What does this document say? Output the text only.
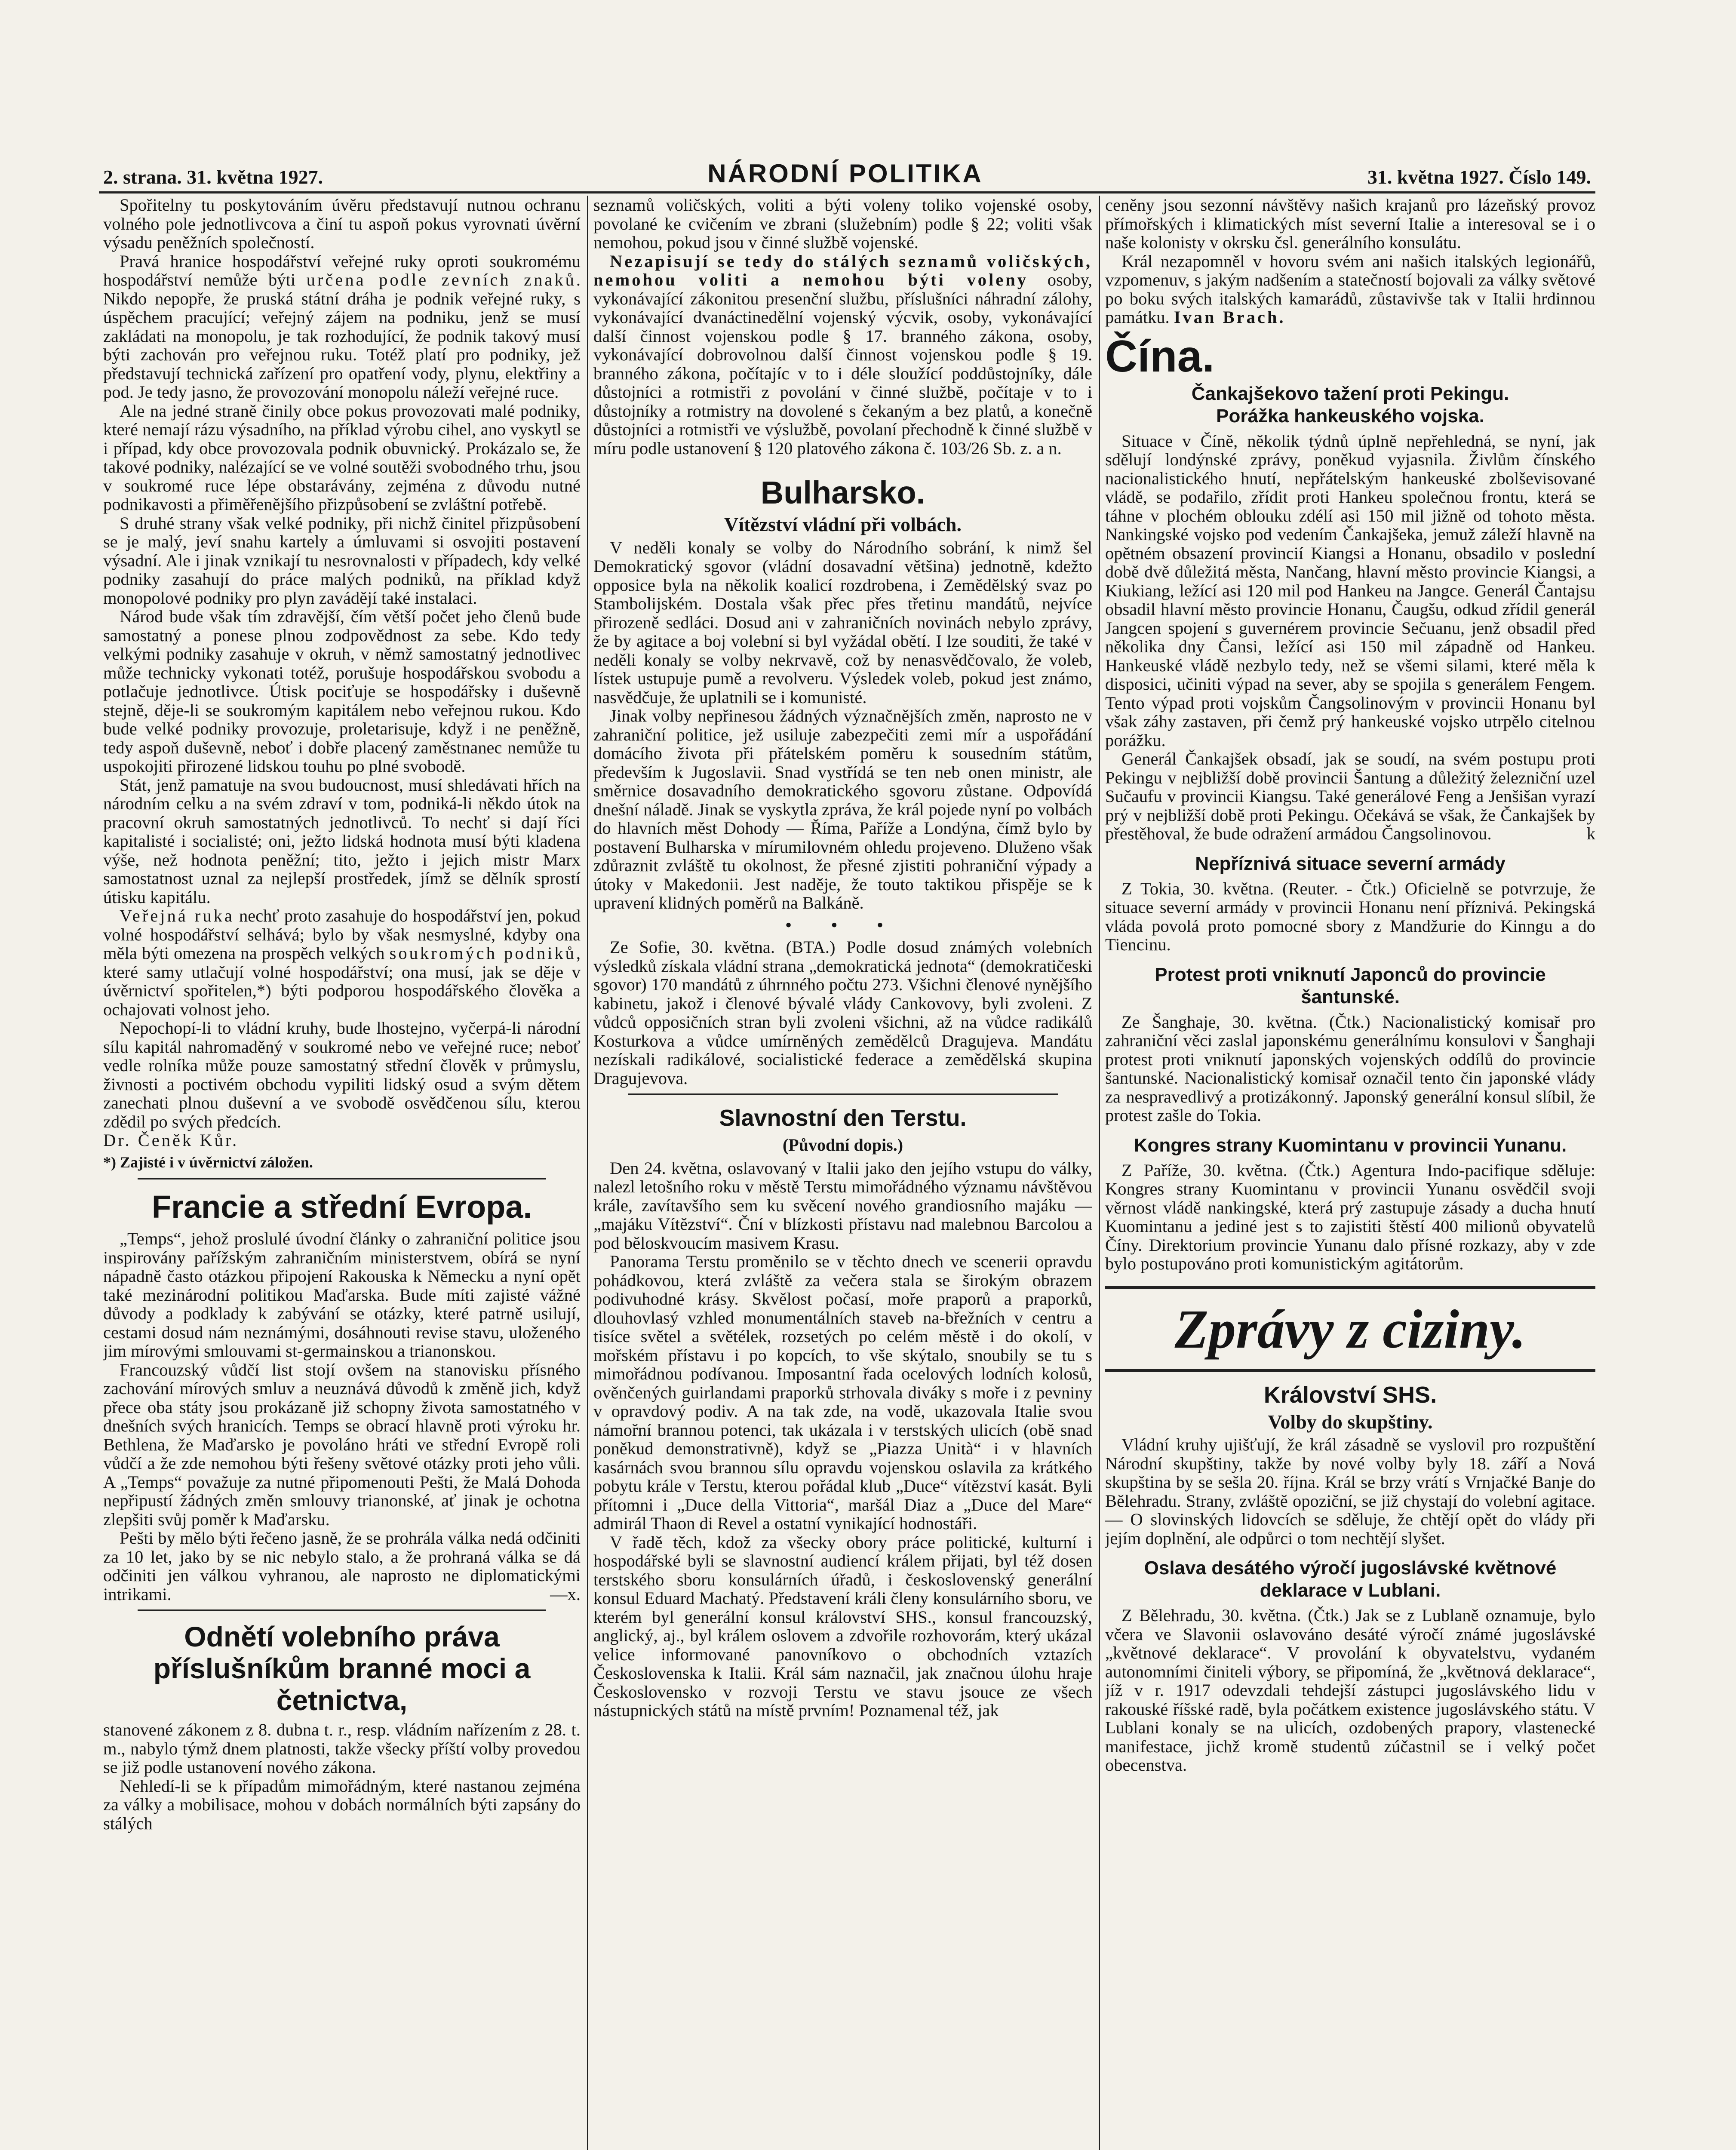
2. strana. 31. května 1927.	NÁRODNÍ POLITIKA	31. května 1927. Číslo 149.

Spořitelny tu poskytováním úvěru představují nutnou ochranu volného pole jednotlivcova a činí tu aspoň pokus vyrovnati úvěrní výsadu peněžních společností.

Pravá hranice hospodářství veřejné ruky oproti soukromému hospodářství nemůže býti určena podle zevních znaků. Nikdo nepopře, že pruská státní dráha je podnik veřejné ruky, s úspěchem pracující; veřejný zájem na podniku, jenž se musí zakládati na monopolu, je tak rozhodující, že podnik takový musí býti zachován pro veřejnou ruku. Totéž platí pro podniky, jež představují technická zařízení pro opatření vody, plynu, elektřiny a pod. Je tedy jasno, že provozování monopolu náleží veřejné ruce.

Ale na jedné straně činily obce pokus provozovati malé podniky, které nemají rázu výsadního, na příklad výrobu cihel, ano vyskytl se i případ, kdy obce provozovala podnik obuvnický. Prokázalo se, že takové podniky, nalézající se ve volné soutěži svobodného trhu, jsou v soukromé ruce lépe obstarávány, zejména z důvodu nutné podnikavosti a přiměřenějšího přizpůsobení se zvláštní potřebě.

S druhé strany však velké podniky, při nichž činitel přizpůsobení se je malý, jeví snahu kartely a úmluvami si osvojiti postavení výsadní. Ale i jinak vznikají tu nesrovnalosti v případech, kdy velké podniky zasahují do práce malých podniků, na příklad když monopolové podniky pro plyn zavádějí také instalaci.

Národ bude však tím zdravější, čím větší počet jeho členů bude samostatný a ponese plnou zodpovědnost za sebe. Kdo tedy velkými podniky zasahuje v okruh, v němž samostatný jednotlivec může technicky vykonati totéž, porušuje hospodářskou svobodu a potlačuje jednotlivce. Útisk pociťuje se hospodářsky i duševně stejně, děje-li se soukromým kapitálem nebo veřejnou rukou. Kdo bude velké podniky provozuje, proletarisuje, když i ne peněžně, tedy aspoň duševně, neboť i dobře placený zaměstnanec nemůže tu uspokojiti přirozené lidskou touhu po plné svobodě.

Stát, jenž pamatuje na svou budoucnost, musí shledávati hřích na národním celku a na svém zdraví v tom, podniká-li někdo útok na pracovní okruh samostatných jednotlivců. To nechť si dají říci kapitalisté i socialisté; oni, ježto lidská hodnota musí býti kladena výše, než hodnota peněžní; tito, ježto i jejich mistr Marx samostatnost uznal za nejlepší prostředek, jímž se dělník sprostí útisku kapitálu.

Veřejná ruka nechť proto zasahuje do hospodářství jen, pokud volné hospodářství selhává; bylo by však nesmyslné, kdyby ona měla býti omezena na prospěch velkých soukromých podniků, které samy utlačují volné hospodářství; ona musí, jak se děje v úvěrnictví spořitelen,*) býti podporou hospodářského člověka a ochajovati volnost jeho.

Nepochopí-li to vládní kruhy, bude lhostejno, vyčerpá-li národní sílu kapitál nahromaděný v soukromé nebo ve veřejné ruce; neboť vedle rolníka může pouze samostatný střední člověk v průmyslu, živnosti a poctivém obchodu vypiliti lidský osud a svým dětem zanechati plnou duševní a ve svobodě osvědčenou sílu, kterou zdědil po svých předcích.

Dr. Čeněk Kůr.

*) Zajisté i v úvěrnictví záložen.

Francie a střední Evropa.

„Temps“, jehož proslulé úvodní články o zahraniční politice jsou inspirovány pařížským zahraničním ministerstvem, obírá se nyní nápadně často otázkou připojení Rakouska k Německu a nyní opět také mezinárodní politikou Maďarska. Bude míti zajisté vážné důvody a podklady k zabývání se otázky, které patrně usilují, cestami dosud nám neznámými, dosáhnouti revise stavu, uloženého jim mírovými smlouvami st-germainskou a trianonskou.

Francouzský vůdčí list stojí ovšem na stanovisku přísného zachování mírových smluv a neuznává důvodů k změně jich, když přece oba státy jsou prokázaně již schopny života samostatného v dnešních svých hranicích. Temps se obrací hlavně proti výroku hr. Bethlena, že Maďarsko je povoláno hráti ve střední Evropě roli vůdčí a že zde nemohou býti řešeny světové otázky proti jeho vůli. A „Temps“ považuje za nutné připomenouti Pešti, že Malá Dohoda nepřipustí žádných změn smlouvy trianonské, ať jinak je ochotna zlepšiti svůj poměr k Maďarsku.

Pešti by mělo býti řečeno jasně, že se prohrála válka nedá odčiniti za 10 let, jako by se nic nebylo stalo, a že prohraná válka se dá odčiniti jen válkou vyhranou, ale naprosto ne diplomatickými intrikami.	—x.

Odnětí volebního práva příslušníkům branné moci a četnictva,

stanovené zákonem z 8. dubna t. r., resp. vládním nařízením z 28. t. m., nabylo týmž dnem platnosti, takže všecky příští volby provedou se již podle ustanovení nového zákona.

Nehledí-li se k případům mimořádným, které nastanou zejména za války a mobilisace, mohou v dobách normálních býti zapsány do stálých

seznamů voličských, voliti a býti voleny toliko vojenské osoby, povolané ke cvičením ve zbrani (služebním) podle § 22; voliti však nemohou, pokud jsou v činné službě vojenské.

Nezapisují se tedy do stálých seznamů voličských, nemohou voliti a nemohou býti voleny osoby, vykonávající zákonitou presenční službu, příslušníci náhradní zálohy, vykonávající dvanáctinedělní vojenský výcvik, osoby, vykonávající další činnost vojenskou podle § 17. branného zákona, osoby, vykonávající dobrovolnou další činnost vojenskou podle § 19. branného zákona, počítajíc v to i déle sloužící poddůstojníky, dále důstojníci a rotmistři z povolání v činné službě, počítaje v to i důstojníky a rotmistry na dovolené s čekaným a bez platů, a konečně důstojníci a rotmistři ve výslužbě, povolaní přechodně k činné službě v míru podle ustanovení § 120 platového zákona č. 103/26 Sb. z. a n.

Bulharsko.
Vítězství vládní při volbách.

V neděli konaly se volby do Národního sobrání, k nimž šel Demokratický sgovor (vládní dosavadní většina) jednotně, kdežto opposice byla na několik koalicí rozdrobena, i Zemědělský svaz po Stambolijském. Dostala však přec přes třetinu mandátů, nejvíce přirozeně sedláci. Dosud ani v zahraničních novinách nebylo zprávy, že by agitace a boj volební si byl vyžádal obětí. I lze souditi, že také v neděli konaly se volby nekrvavě, což by nenasvědčovalo, že voleb, lístek ustupuje pumě a revolveru. Výsledek voleb, pokud jest známo, nasvědčuje, že uplatnili se i komunisté.

Jinak volby nepřinesou žádných význačnějších změn, naprosto ne v zahraniční politice, jež usiluje zabezpečiti zemi mír a uspořádání domácího života při přátelském poměru k sousedním státům, především k Jugoslavii. Snad vystřídá se ten neb onen ministr, ale směrnice dosavadního demokratického sgovoru zůstane. Odpovídá dnešní náladě. Jinak se vyskytla zpráva, že král pojede nyní po volbách do hlavních měst Dohody — Říma, Paříže a Londýna, čímž bylo by postavení Bulharska v mírumilovném ohledu projeveno. Dluženo však zdůraznit zvláště tu okolnost, že přesné zjistiti pohraniční výpady a útoky v Makedonii. Jest naděje, že touto taktikou přispěje se k upravení klidných poměrů na Balkáně.

• • •

Ze Sofie, 30. května. (BTA.) Podle dosud známých volebních výsledků získala vládní strana „demokratická jednota“ (demokratičeski sgovor) 170 mandátů z úhrnného počtu 273. Všichni členové nynějšího kabinetu, jakož i členové bývalé vlády Cankovovy, byli zvoleni. Z vůdců opposičních stran byli zvoleni všichni, až na vůdce radikálů Kosturkova a vůdce umírněných zemědělců Dragujeva. Mandátu nezískali radikálové, socialistické federace a zemědělská skupina Dragujevova.

Slavnostní den Terstu.
(Původní dopis.)

Den 24. května, oslavovaný v Italii jako den jejího vstupu do války, nalezl letošního roku v městě Terstu mimořádného významu návštěvou krále, zavítavšího sem ku svěcení nového grandiosního majáku — „majáku Vítězství“. Ční v blízkosti přístavu nad malebnou Barcolou a pod běloskvoucím masivem Krasu.

Panorama Terstu proměnilo se v těchto dnech ve scenerii opravdu pohádkovou, která zvláště za večera stala se širokým obrazem podivuhodné krásy. Skvělost počasí, moře praporů a praporků, dlouhovlasý vzhled monumentálních staveb na-břežních v centru a tisíce světel a světélek, rozsetých po celém městě i do okolí, v mořském přístavu i po kopcích, to vše skýtalo, snoubily se tu s mimořádnou podívanou. Imposantní řada ocelových lodních kolosů, ověnčených guirlandami praporků strhovala diváky s moře i z pevniny v opravdový podiv. A na tak zde, na vodě, ukazovala Italie svou námořní brannou potenci, tak ukázala i v terstských ulicích (obě snad poněkud demonstrativně), když se „Piazza Unità“ i v hlavních kasárnách svou brannou sílu opravdu vojenskou oslavila za krátkého pobytu krále v Terstu, kterou pořádal klub „Duce“ vítězství kasát. Byli přítomni i „Duce della Vittoria“, maršál Diaz a „Duce del Mare“ admirál Thaon di Revel a ostatní vynikající hodnostáři.

V řadě těch, kdož za všecky obory práce politické, kulturní i hospodářské byli se slavnostní audiencí králem přijati, byl též dosen terstského sboru konsulárních úřadů, i československý generální konsul Eduard Machatý. Představení králi členy konsulárního sboru, ve kterém byl generální konsul království SHS., konsul francouzský, anglický, aj., byl králem oslovem a zdvořile rozhovorám, který ukázal velice informované panovníkovo o obchodních vztazích Československa k Italii. Král sám naznačil, jak značnou úlohu hraje Československo v rozvoji Terstu ve stavu jsouce ze všech nástupnických států na místě prvním! Poznamenal též, jak

ceněny jsou sezonní návštěvy našich krajanů pro lázeňský provoz přímořských i klimatických míst severní Italie a interesoval se i o naše kolonisty v okrsku čsl. generálního konsulátu.

Král nezapomněl v hovoru svém ani našich italských legionářů, vzpomenuv, s jakým nadšením a statečností bojovali za války světové po boku svých italských kamarádů, zůstavivše tak v Italii hrdinnou památku. Ivan Brach.

Čína.
Čankajšekovo tažení proti Pekingu.
Porážka hankeuského vojska.

Situace v Číně, několik týdnů úplně nepřehledná, se nyní, jak sdělují londýnské zprávy, poněkud vyjasnila. Živlům čínského nacionalistického hnutí, nepřátelským hankeuské zbolševisované vládě, se podařilo, zřídit proti Hankeu společnou frontu, která se táhne v plochém oblouku zdélí asi 150 mil jižně od tohoto města. Nankingské vojsko pod vedením Čankajšeka, jemuž záleží hlavně na opětném obsazení provincií Kiangsi a Honanu, obsadilo v poslední době dvě důležitá města, Nančang, hlavní město provincie Kiangsi, a Kiukiang, ležící asi 120 mil pod Hankeu na Jangce. Generál Čantajsu obsadil hlavní město provincie Honanu, Čaugšu, odkud zřídil generál Jangcen spojení s guvernérem provincie Sečuanu, jenž obsadil před několika dny Čansi, ležící asi 150 mil západně od Hankeu. Hankeuské vládě nezbylo tedy, než se všemi silami, které měla k disposici, učiniti výpad na sever, aby se spojila s generálem Fengem. Tento výpad proti vojskům Čangsolinovým v provincii Honanu byl však záhy zastaven, při čemž prý hankeuské vojsko utrpělo citelnou porážku.

Generál Čankajšek obsadí, jak se soudí, na svém postupu proti Pekingu v nejbližší době provincii Šantung a důležitý železniční uzel Sučaufu v provincii Kiangsu. Také generálové Feng a Jenšišan vyrazí prý v nejbližší době proti Pekingu. Očekává se však, že Čankajšek by přestěhoval, že bude odražení armádou Čangsolinovou.	k

Nepříznivá situace severní armády

Z Tokia, 30. května. (Reuter. - Čtk.) Oficielně se potvrzuje, že situace severní armády v provincii Honanu není příznivá. Pekingská vláda povolá proto pomocné sbory z Mandžurie do Kinngu a do Tiencinu.

Protest proti vniknutí Japonců do provincie šantunské.

Ze Šanghaje, 30. května. (Čtk.) Nacionalistický komisař pro zahraniční věci zaslal japonskému generálnímu konsulovi v Šanghaji protest proti vniknutí japonských vojenských oddílů do provincie šantunské. Nacionalistický komisař označil tento čin japonské vlády za nespravedlivý a protizákonný. Japonský generální konsul slíbil, že protest zašle do Tokia.

Kongres strany Kuomintanu v provincii Yunanu.

Z Paříže, 30. května. (Čtk.) Agentura Indo-pacifique sděluje: Kongres strany Kuomintanu v provincii Yunanu osvědčil svoji věrnost vládě nankingské, která prý zastupuje zásady a ducha hnutí Kuomintanu a jediné jest s to zajistiti štěstí 400 milionů obyvatelů Číny. Direktorium provincie Yunanu dalo přísné rozkazy, aby v zde bylo postupováno proti komunistickým agitátorům.

Zprávy z ciziny.
Království SHS.
Volby do skupštiny.

Vládní kruhy ujišťují, že král zásadně se vyslovil pro rozpuštění Národní skupštiny, takže by nové volby byly 18. září a Nová skupština by se sešla 20. října. Král se brzy vrátí s Vrnjačké Banje do Bělehradu. Strany, zvláště opoziční, se již chystají do volební agitace. — O slovinských lidovcích se sděluje, že chtějí opět do vlády při jejím doplnění, ale odpůrci o tom nechtějí slyšet.

Oslava desátého výročí jugoslávské květnové deklarace v Lublani.

Z Bělehradu, 30. května. (Čtk.) Jak se z Lublaně oznamuje, bylo včera ve Slavonii oslavováno desáté výročí známé jugoslávské „květnové deklarace“. V provolání k obyvatelstvu, vydaném autonomními činiteli výbory, se připomíná, že „květnová deklarace“, jíž v r. 1917 odevzdali tehdejší zástupci jugoslávského lidu v rakouské říšské radě, byla počátkem existence jugoslávského státu. V Lublani konaly se na ulicích, ozdobených prapory, vlastenecké manifestace, jichž kromě studentů zúčastnil se i velký počet obecenstva.
